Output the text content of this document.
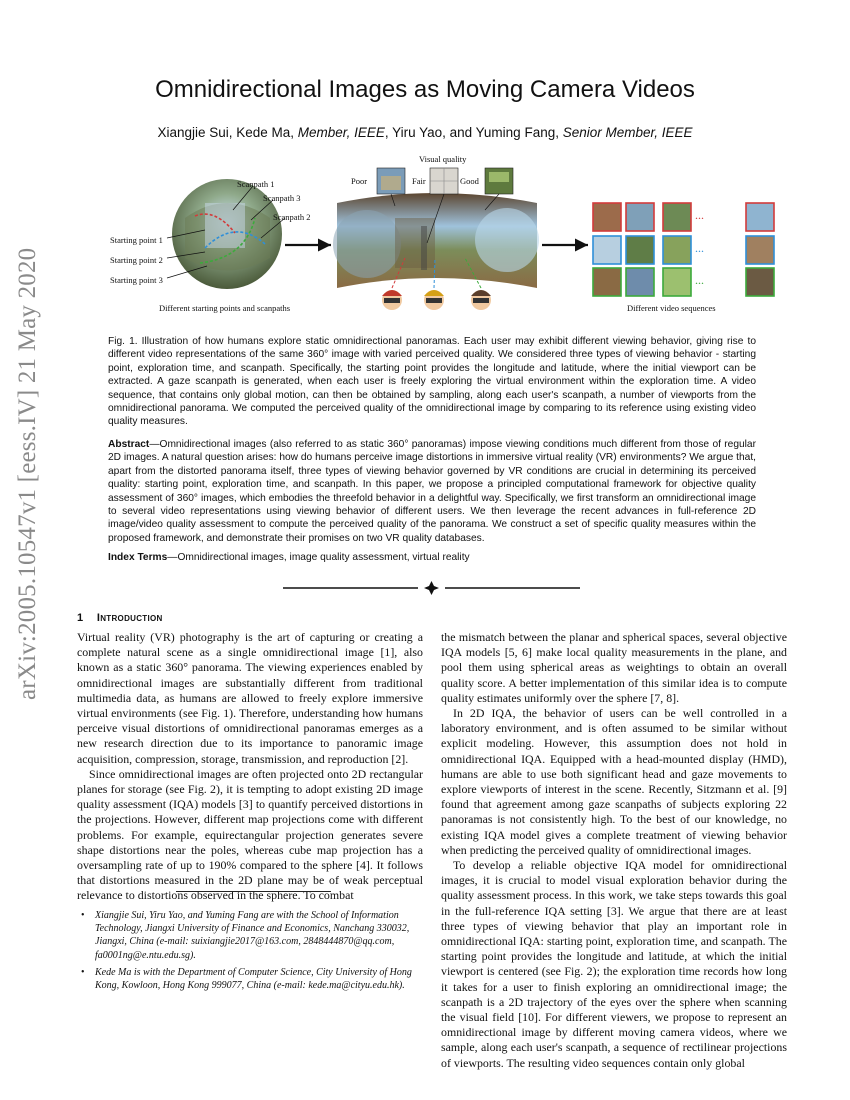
arXiv:2005.10547v1 [eess.IV] 21 May 2020
Omnidirectional Images as Moving Camera Videos
Xiangjie Sui, Kede Ma, Member, IEEE, Yiru Yao, and Yuming Fang, Senior Member, IEEE
Scanpath 1
Scanpath 3
Scanpath 2
Starting point 1
Starting point 2
Starting point 3
Different starting points and scanpaths
Visual quality
Poor	Fair	Good
...
...
...
Different video sequences
Fig. 1. Illustration of how humans explore static omnidirectional panoramas. Each user may exhibit different viewing behavior, giving rise to different video representations of the same 360° image with varied perceived quality. We considered three types of viewing behavior - starting point, exploration time, and scanpath. Specifically, the starting point provides the longitude and latitude, where the initial viewport can be extracted. A gaze scanpath is generated, when each user is freely exploring the virtual environment within the exploration time. A video sequence, that contains only global motion, can then be obtained by sampling, along each user's scanpath, a number of viewports from the omnidirectional panorama. We computed the perceived quality of the omnidirectional image by comparing to its reference using existing video quality measures.
Abstract—Omnidirectional images (also referred to as static 360° panoramas) impose viewing conditions much different from those of regular 2D images. A natural question arises: how do humans perceive image distortions in immersive virtual reality (VR) environments? We argue that, apart from the distorted panorama itself, three types of viewing behavior governed by VR conditions are crucial in determining its perceived quality: starting point, exploration time, and scanpath. In this paper, we propose a principled computational framework for objective quality assessment of 360° images, which embodies the threefold behavior in a delightful way. Specifically, we first transform an omnidirectional image to several video representations using viewing behavior of different users. We then leverage the recent advances in full-reference 2D image/video quality assessment to compute the perceived quality of the panorama. We construct a set of specific quality measures within the proposed framework, and demonstrate their promises on two VR quality databases.
Index Terms—Omnidirectional images, image quality assessment, virtual reality
1 Introduction

Virtual reality (VR) photography is the art of capturing or creating a complete natural scene as a single omnidirectional image [1], also known as a static 360° panorama. The viewing experiences enabled by omnidirectional images are substantially different from traditional multimedia data, as humans are allowed to freely explore immersive virtual environments (see Fig. 1). Therefore, understanding how humans perceive visual distortions of omnidirectional panoramas emerges as a new research direction due to its importance to panoramic image acquisition, compression, storage, transmission, and reproduction [2].

Since omnidirectional images are often projected onto 2D rectangular planes for storage (see Fig. 2), it is tempting to adopt existing 2D image quality assessment (IQA) models [3] to quantify perceived distortions in the projections. However, different map projections come with different problems. For example, equirectangular projection generates severe shape distortions near the poles, whereas cube map projection has a oversampling rate of up to 190% compared to the sphere [4]. It follows that distortions measured in the 2D plane may be of weak perceptual relevance to distortions observed in the sphere. To combat

• Xiangjie Sui, Yiru Yao, and Yuming Fang are with the School of Information Technology, Jiangxi University of Finance and Economics, Nanchang 330032, Jiangxi, China (e-mail: suixiangjie2017@163.com, 2848444870@qq.com, fa0001ng@e.ntu.edu.sg).
• Kede Ma is with the Department of Computer Science, City University of Hong Kong, Kowloon, Hong Kong 999077, China (e-mail: kede.ma@cityu.edu.hk).

the mismatch between the planar and spherical spaces, several objective IQA models [5, 6] make local quality measurements in the plane, and pool them using spherical areas as weightings to obtain an overall quality score. A better implementation of this similar idea is to compute quality estimates uniformly over the sphere [7, 8].

In 2D IQA, the behavior of users can be well controlled in a laboratory environment, and is often assumed to be similar without explicit modeling. However, this assumption does not hold in omnidirectional IQA. Equipped with a head-mounted display (HMD), humans are able to use both significant head and gaze movements to explore viewports of interest in the scene. Recently, Sitzmann et al. [9] found that agreement among gaze scanpaths of subjects exploring 22 panoramas is not consistently high. To the best of our knowledge, no existing IQA model gives a complete treatment of viewing behavior when predicting the perceived quality of omnidirectional images.

To develop a reliable objective IQA model for omnidirectional images, it is crucial to model visual exploration behavior during the quality assessment process. In this work, we take steps towards this goal in the full-reference IQA setting [3]. We argue that there are at least three types of viewing behavior that play an important role in omnidirectional IQA: starting point, exploration time, and scanpath. The starting point provides the longitude and latitude, at which the initial viewport is centered (see Fig. 2); the exploration time records how long it takes for a user to finish exploring an omnidirectional image; the scanpath is a 2D trajectory of the eyes over the sphere when scanning the visual field [10]. For different viewers, we propose to represent an omnidirectional image by different moving camera videos, where we sample, along each user's scanpath, a sequence of rectilinear projections of viewports. The resulting video sequences contain only global
